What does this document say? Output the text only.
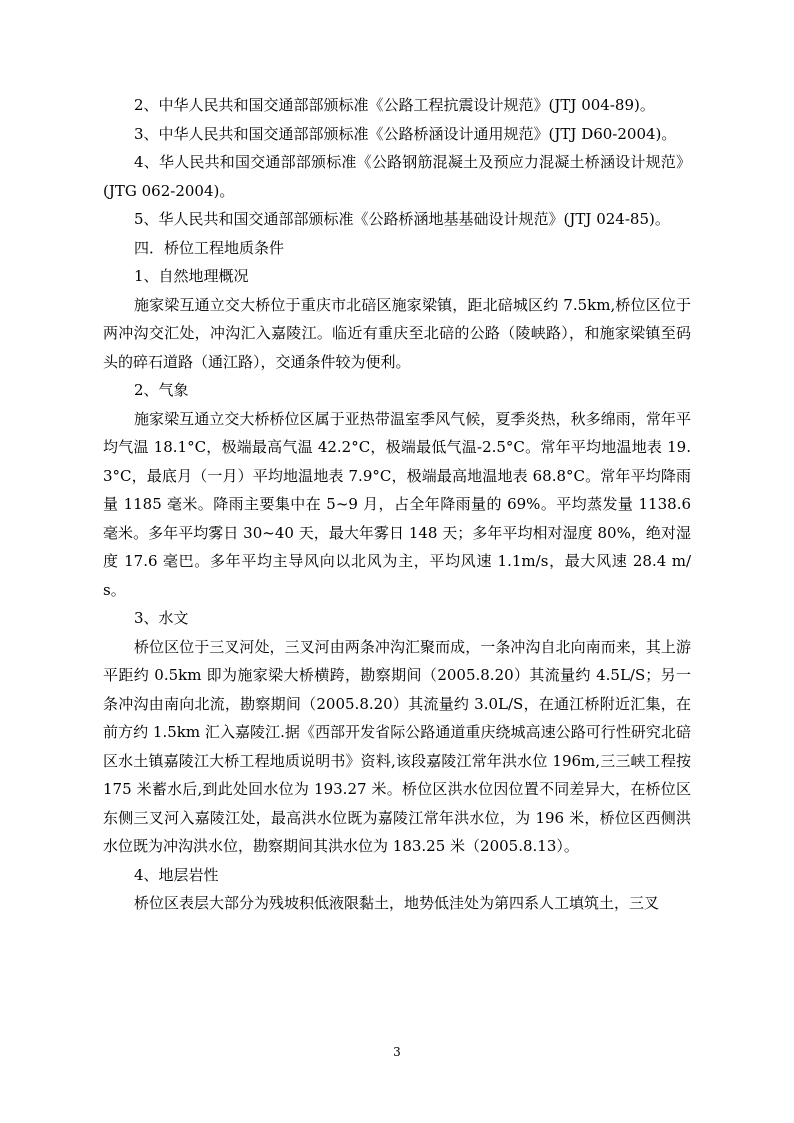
2、中华人民共和国交通部部颁标准《公路工程抗震设计规范》(JTJ 004-89)。

3、中华人民共和国交通部部颁标准《公路桥涵设计通用规范》(JTJ D60-2004)。

4、华人民共和国交通部部颁标准《公路钢筋混凝土及预应力混凝土桥涵设计规范》(JTG 062-2004)。

5、华人民共和国交通部部颁标准《公路桥涵地基基础设计规范》(JTJ 024-85)。

四．桥位工程地质条件

1、自然地理概况

施家梁互通立交大桥位于重庆市北碚区施家梁镇，距北碚城区约 7.5km,桥位区位于两冲沟交汇处，冲沟汇入嘉陵江。临近有重庆至北碚的公路（陵峡路），和施家梁镇至码头的碎石道路（通江路），交通条件较为便利。

2、气象

施家梁互通立交大桥桥位区属于亚热带温室季风气候，夏季炎热，秋多绵雨，常年平均气温 18.1°C，极端最高气温 42.2°C，极端最低气温-2.5°C。常年平均地温地表 19.3°C，最底月（一月）平均地温地表 7.9°C，极端最高地温地表 68.8°C。常年平均降雨量 1185 毫米。降雨主要集中在 5~9 月，占全年降雨量的 69%。平均蒸发量 1138.6 毫米。多年平均雾日 30~40 天，最大年雾日 148 天；多年平均相对湿度 80%，绝对湿度 17.6 毫巴。多年平均主导风向以北风为主，平均风速 1.1m/s，最大风速 28.4 m/s。

3、水文

桥位区位于三叉河处，三叉河由两条冲沟汇聚而成，一条冲沟自北向南而来，其上游平距约 0.5km 即为施家梁大桥横跨，勘察期间（2005.8.20）其流量约 4.5L/S；另一条冲沟由南向北流，勘察期间（2005.8.20）其流量约 3.0L/S，在通江桥附近汇集，在前方约 1.5km 汇入嘉陵江.据《西部开发省际公路通道重庆绕城高速公路可行性研究北碚区水土镇嘉陵江大桥工程地质说明书》资料,该段嘉陵江常年洪水位 196m,三三峡工程按 175 米蓄水后,到此处回水位为 193.27 米。桥位区洪水位因位置不同差异大，在桥位区东侧三叉河入嘉陵江处，最高洪水位既为嘉陵江常年洪水位，为 196 米，桥位区西侧洪水位既为冲沟洪水位，勘察期间其洪水位为 183.25 米（2005.8.13）。

4、地层岩性

桥位区表层大部分为残坡积低液限黏土，地势低洼处为第四系人工填筑土，三叉

3
